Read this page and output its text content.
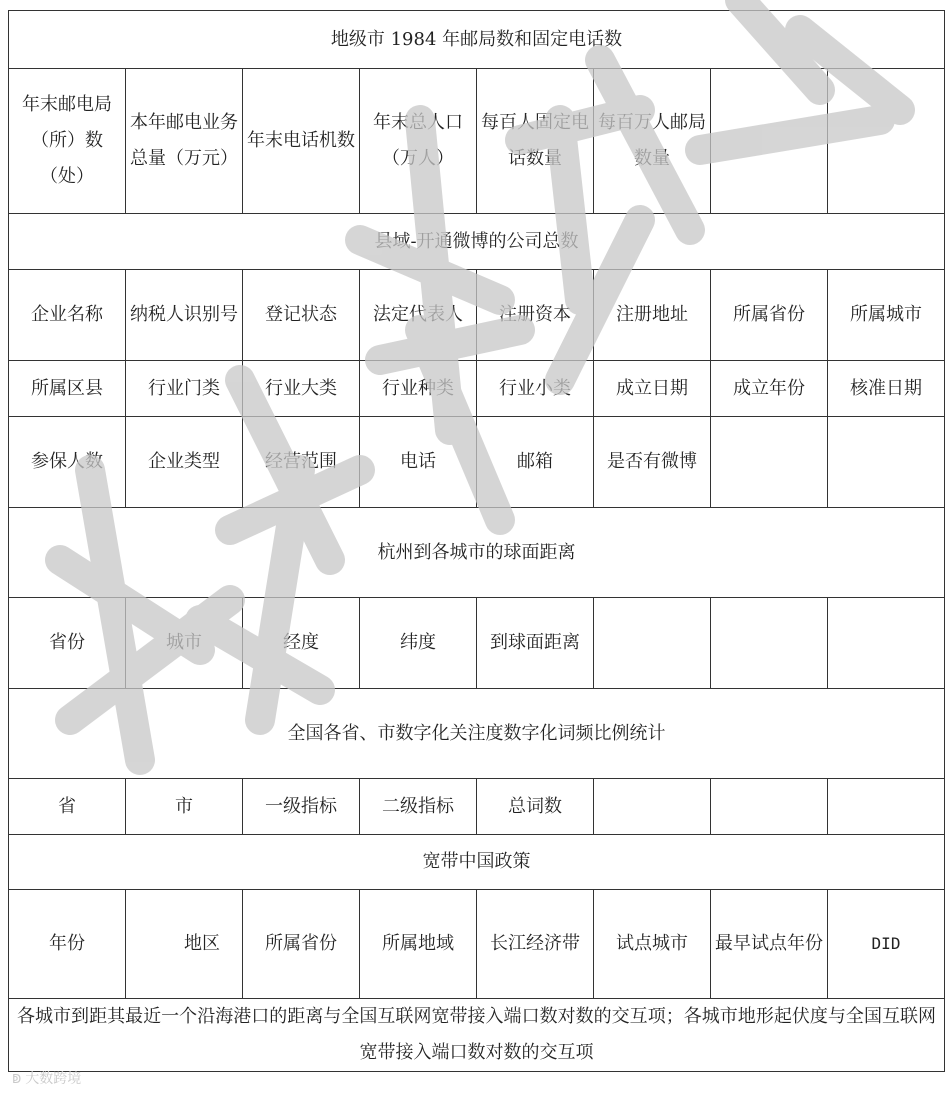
地级市 1984 年邮局数和固定电话数							
年末邮电局（所）数（处）	本年邮电业务总量（万元）	年末电话机数	年末总人口（万人）	每百人固定电话数量	每百万人邮局数量		
县域-开通微博的公司总数							
企业名称	纳税人识别号	登记状态	法定代表人	注册资本	注册地址	所属省份	所属城市
所属区县	行业门类	行业大类	行业种类	行业小类	成立日期	成立年份	核准日期
参保人数	企业类型	经营范围	电话	邮箱	是否有微博		
杭州到各城市的球面距离							
省份	城市	经度	纬度	到球面距离			
全国各省、市数字化关注度数字化词频比例统计							
省	市	一级指标	二级指标	总词数			
宽带中国政策							
年份	地区	所属省份	所属地域	长江经济带	试点城市	最早试点年份	DID
各城市到距其最近一个沿海港口的距离与全国互联网宽带接入端口数对数的交互项；各城市地形起伏度与全国互联网宽带接入端口数对数的交互项							
ↁ 大数跨境
